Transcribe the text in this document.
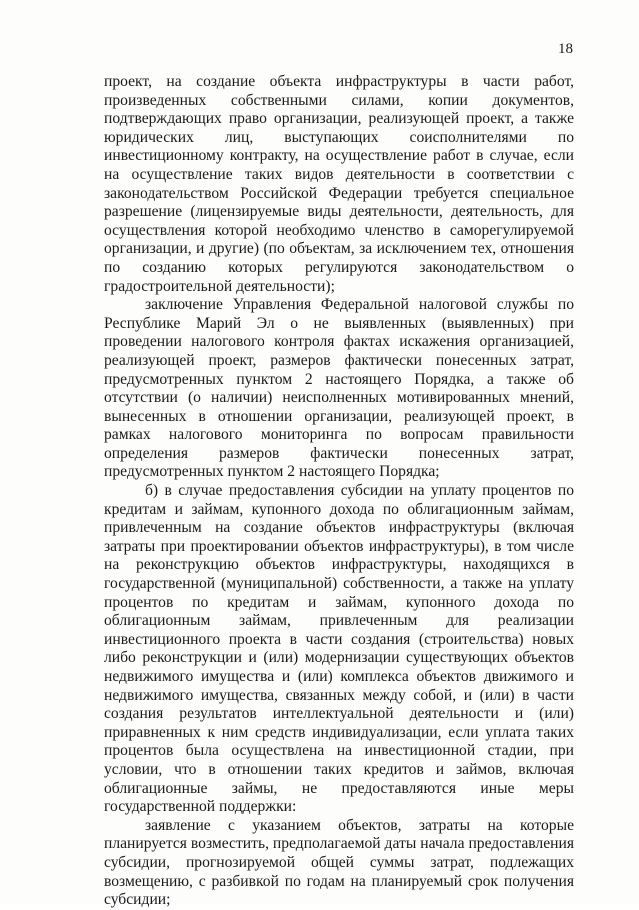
18

проект, на создание объекта инфраструктуры в части работ, произведенных собственными силами, копии документов, подтверждающих право организации, реализующей проект, а также юридических лиц, выступающих соисполнителями по инвестиционному контракту, на осуществление работ в случае, если на осуществление таких видов деятельности в соответствии с законодательством Российской Федерации требуется специальное разрешение (лицензируемые виды деятельности, деятельность, для осуществления которой необходимо членство в саморегулируемой организации, и другие) (по объектам, за исключением тех, отношения по созданию которых регулируются законодательством о градостроительной деятельности);

заключение Управления Федеральной налоговой службы по Республике Марий Эл о не выявленных (выявленных) при проведении налогового контроля фактах искажения организацией, реализующей проект, размеров фактически понесенных затрат, предусмотренных пунктом 2 настоящего Порядка, а также об отсутствии (о наличии) неисполненных мотивированных мнений, вынесенных в отношении организации, реализующей проект, в рамках налогового мониторинга по вопросам правильности определения размеров фактически понесенных затрат, предусмотренных пунктом 2 настоящего Порядка;

б) в случае предоставления субсидии на уплату процентов по кредитам и займам, купонного дохода по облигационным займам, привлеченным на создание объектов инфраструктуры (включая затраты при проектировании объектов инфраструктуры), в том числе на реконструкцию объектов инфраструктуры, находящихся в государственной (муниципальной) собственности, а также на уплату процентов по кредитам и займам, купонного дохода по облигационным займам, привлеченным для реализации инвестиционного проекта в части создания (строительства) новых либо реконструкции и (или) модернизации существующих объектов недвижимого имущества и (или) комплекса объектов движимого и недвижимого имущества, связанных между собой, и (или) в части создания результатов интеллектуальной деятельности и (или) приравненных к ним средств индивидуализации, если уплата таких процентов была осуществлена на инвестиционной стадии, при условии, что в отношении таких кредитов и займов, включая облигационные займы, не предоставляются иные меры государственной поддержки:

заявление с указанием объектов, затраты на которые планируется возместить, предполагаемой даты начала предоставления субсидии, прогнозируемой общей суммы затрат, подлежащих возмещению, с разбивкой по годам на планируемый срок получения субсидии;
